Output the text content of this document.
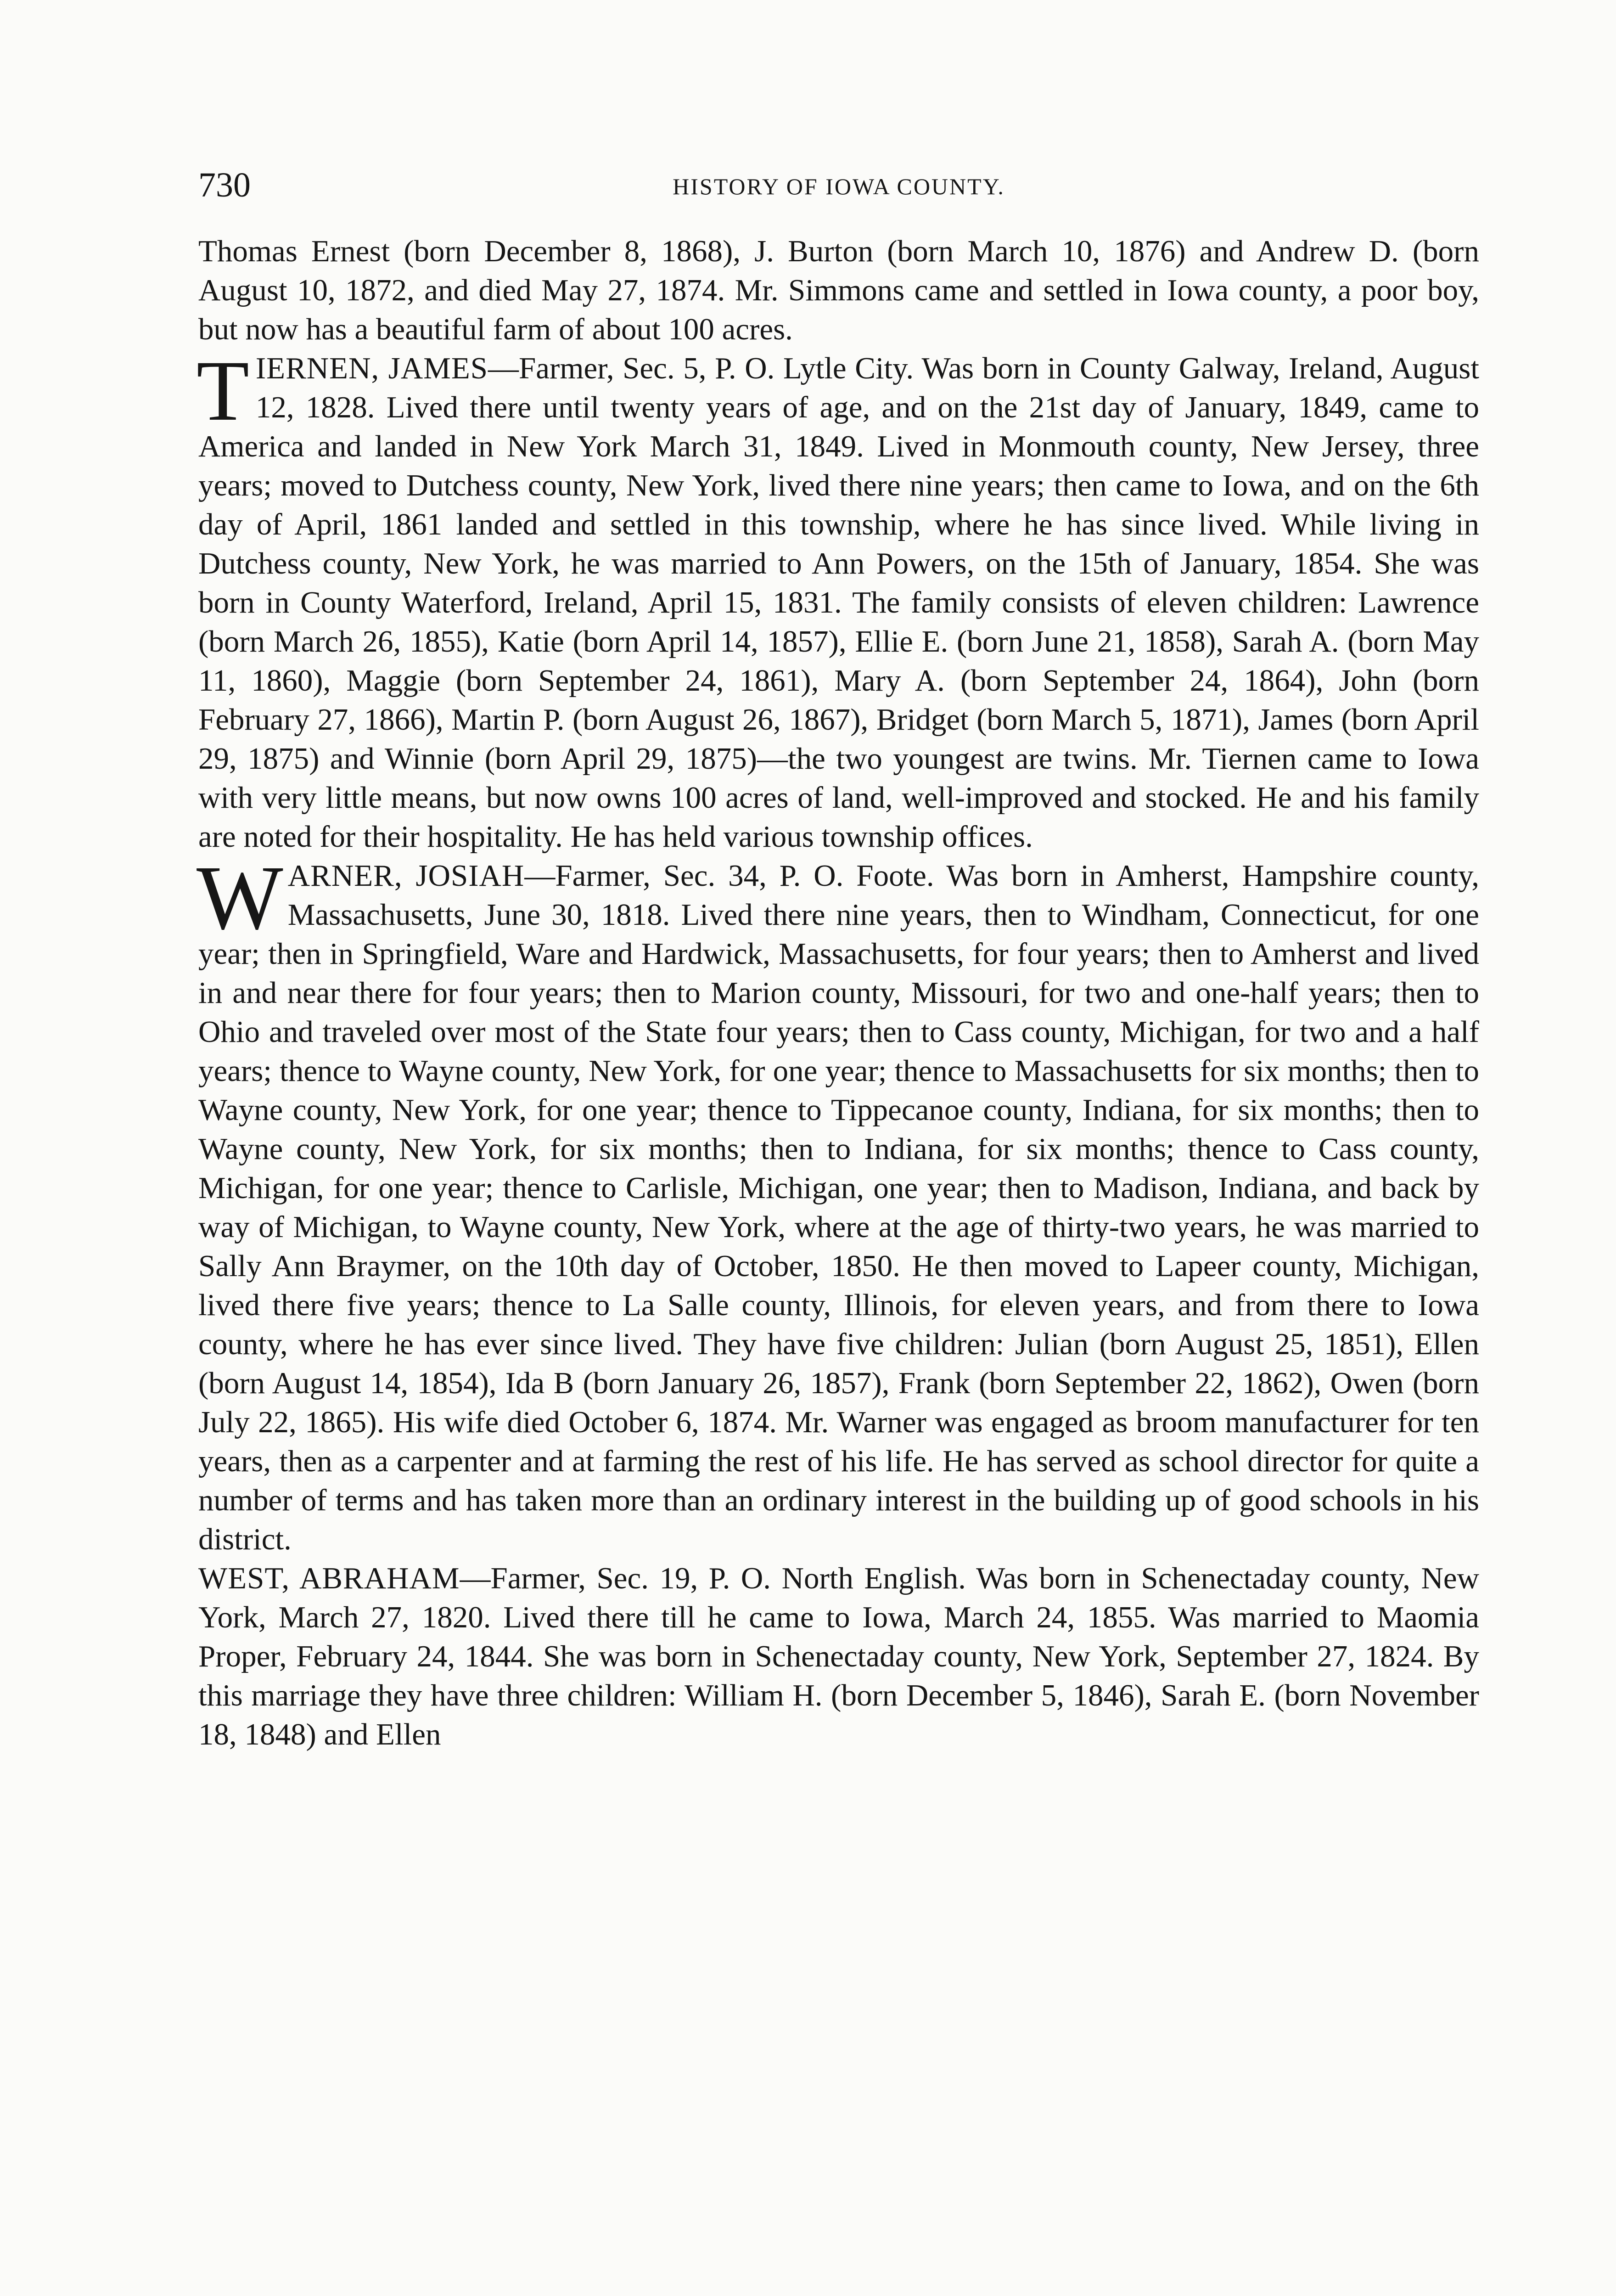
730	HISTORY OF IOWA COUNTY.

Thomas Ernest (born December 8, 1868), J. Burton (born March 10, 1876) and Andrew D. (born August 10, 1872, and died May 27, 1874. Mr. Simmons came and settled in Iowa county, a poor boy, but now has a beautiful farm of about 100 acres.

TIERNEN, JAMES—Farmer, Sec. 5, P. O. Lytle City. Was born in County Galway, Ireland, August 12, 1828. Lived there until twenty years of age, and on the 21st day of January, 1849, came to America and landed in New York March 31, 1849. Lived in Monmouth county, New Jersey, three years; moved to Dutchess county, New York, lived there nine years; then came to Iowa, and on the 6th day of April, 1861 landed and settled in this township, where he has since lived. While living in Dutchess county, New York, he was married to Ann Powers, on the 15th of January, 1854. She was born in County Waterford, Ireland, April 15, 1831. The family consists of eleven children: Lawrence (born March 26, 1855), Katie (born April 14, 1857), Ellie E. (born June 21, 1858), Sarah A. (born May 11, 1860), Maggie (born September 24, 1861), Mary A. (born September 24, 1864), John (born February 27, 1866), Martin P. (born August 26, 1867), Bridget (born March 5, 1871), James (born April 29, 1875) and Winnie (born April 29, 1875)—the two youngest are twins. Mr. Tiernen came to Iowa with very little means, but now owns 100 acres of land, well-improved and stocked. He and his family are noted for their hospitality. He has held various township offices.

WARNER, JOSIAH—Farmer, Sec. 34, P. O. Foote. Was born in Amherst, Hampshire county, Massachusetts, June 30, 1818. Lived there nine years, then to Windham, Connecticut, for one year; then in Springfield, Ware and Hardwick, Massachusetts, for four years; then to Amherst and lived in and near there for four years; then to Marion county, Missouri, for two and one-half years; then to Ohio and traveled over most of the State four years; then to Cass county, Michigan, for two and a half years; thence to Wayne county, New York, for one year; thence to Massachusetts for six months; then to Wayne county, New York, for one year; thence to Tippecanoe county, Indiana, for six months; then to Wayne county, New York, for six months; then to Indiana, for six months; thence to Cass county, Michigan, for one year; thence to Carlisle, Michigan, one year; then to Madison, Indiana, and back by way of Michigan, to Wayne county, New York, where at the age of thirty-two years, he was married to Sally Ann Braymer, on the 10th day of October, 1850. He then moved to Lapeer county, Michigan, lived there five years; thence to La Salle county, Illinois, for eleven years, and from there to Iowa county, where he has ever since lived. They have five children: Julian (born August 25, 1851), Ellen (born August 14, 1854), Ida B (born January 26, 1857), Frank (born September 22, 1862), Owen (born July 22, 1865). His wife died October 6, 1874. Mr. Warner was engaged as broom manufacturer for ten years, then as a carpenter and at farming the rest of his life. He has served as school director for quite a number of terms and has taken more than an ordinary interest in the building up of good schools in his district.

WEST, ABRAHAM—Farmer, Sec. 19, P. O. North English. Was born in Schenectaday county, New York, March 27, 1820. Lived there till he came to Iowa, March 24, 1855. Was married to Maomia Proper, February 24, 1844. She was born in Schenectaday county, New York, September 27, 1824. By this marriage they have three children: William H. (born December 5, 1846), Sarah E. (born November 18, 1848) and Ellen
